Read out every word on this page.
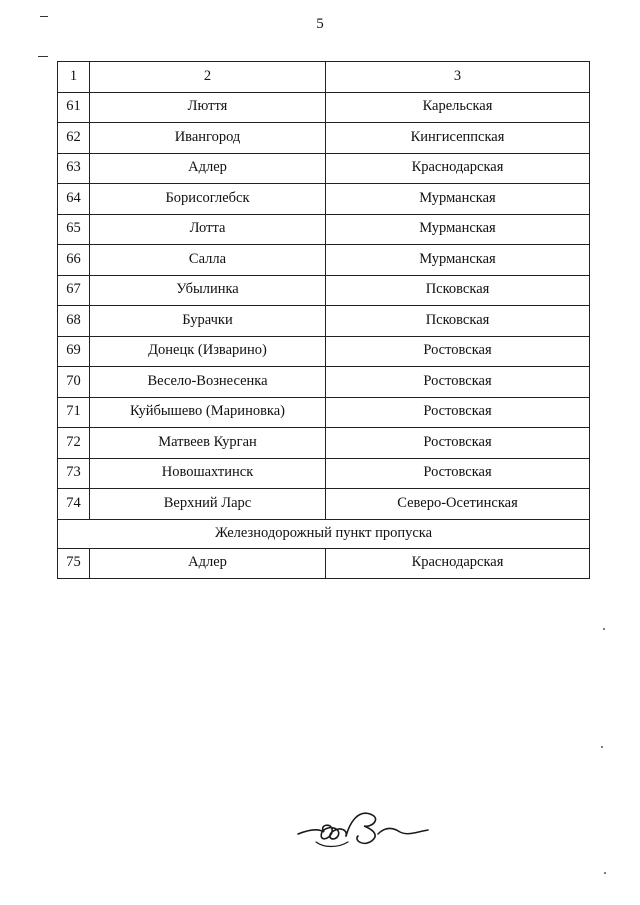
5
1	2	3
61	Люття	Карельская
62	Ивангород	Кингисеппская
63	Адлер	Краснодарская
64	Борисоглебск	Мурманская
65	Лотта	Мурманская
66	Салла	Мурманская
67	Убылинка	Псковская
68	Бурачки	Псковская
69	Донецк (Изварино)	Ростовская
70	Весело-Вознесенка	Ростовская
71	Куйбышево (Мариновка)	Ростовская
72	Матвеев Курган	Ростовская
73	Новошахтинск	Ростовская
74	Верхний Ларс	Северо-Осетинская
Железнодорожный пункт пропуска		
75	Адлер	Краснодарская
